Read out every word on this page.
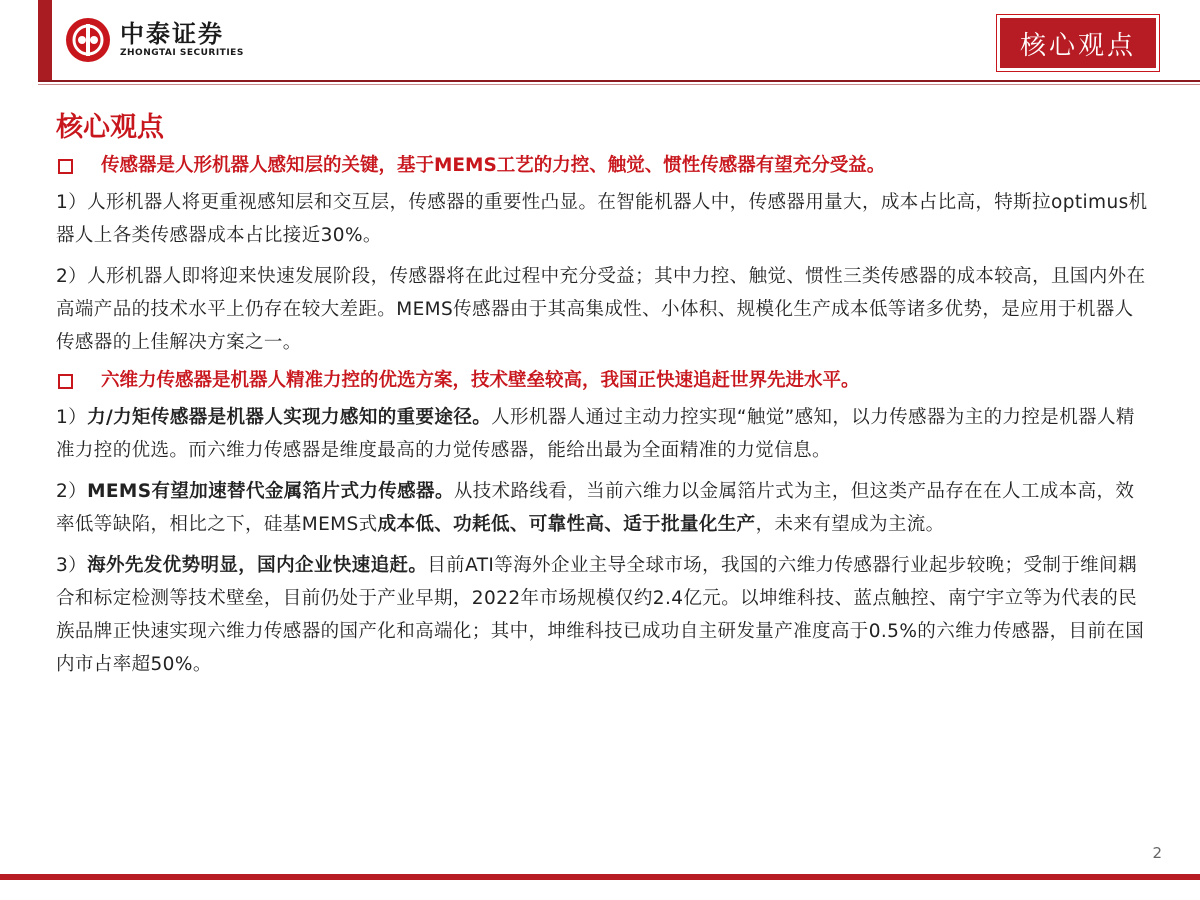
中泰证券
ZHONGTAI SECURITIES	核心观点
核心观点
传感器是人形机器人感知层的关键，基于MEMS工艺的力控、触觉、惯性传感器有望充分受益。
1）人形机器人将更重视感知层和交互层，传感器的重要性凸显。在智能机器人中，传感器用量大，成本占比高，特斯拉optimus机器人上各类传感器成本占比接近30%。
2）人形机器人即将迎来快速发展阶段，传感器将在此过程中充分受益；其中力控、触觉、惯性三类传感器的成本较高，且国内外在高端产品的技术水平上仍存在较大差距。MEMS传感器由于其高集成性、小体积、规模化生产成本低等诸多优势，是应用于机器人传感器的上佳解决方案之一。
六维力传感器是机器人精准力控的优选方案，技术壁垒较高，我国正快速追赶世界先进水平。
1）力/力矩传感器是机器人实现力感知的重要途径。人形机器人通过主动力控实现“触觉”感知，以力传感器为主的力控是机器人精准力控的优选。而六维力传感器是维度最高的力觉传感器，能给出最为全面精准的力觉信息。
2）MEMS有望加速替代金属箔片式力传感器。从技术路线看，当前六维力以金属箔片式为主，但这类产品存在在人工成本高，效率低等缺陷，相比之下，硅基MEMS式成本低、功耗低、可靠性高、适于批量化生产，未来有望成为主流。
3）海外先发优势明显，国内企业快速追赶。目前ATI等海外企业主导全球市场，我国的六维力传感器行业起步较晚；受制于维间耦合和标定检测等技术壁垒，目前仍处于产业早期，2022年市场规模仅约2.4亿元。以坤维科技、蓝点触控、南宁宇立等为代表的民族品牌正快速实现六维力传感器的国产化和高端化；其中，坤维科技已成功自主研发量产准度高于0.5%的六维力传感器，目前在国内市占率超50%。
2
